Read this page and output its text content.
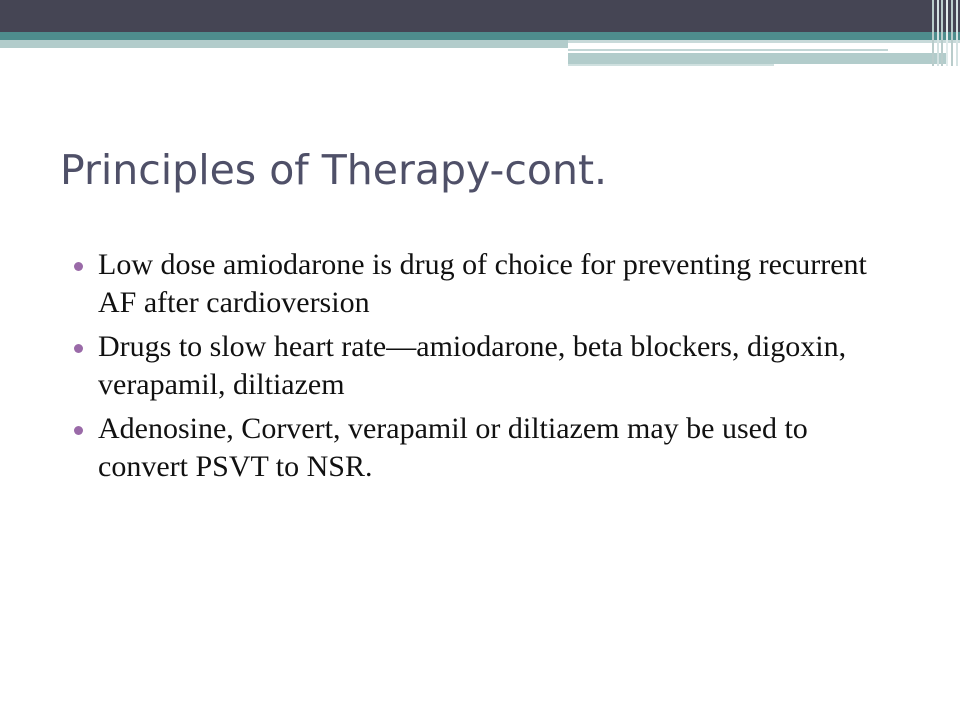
Principles of Therapy-cont.
Low dose amiodarone is drug of choice for preventing recurrent AF after cardioversion
Drugs to slow heart rate—amiodarone, beta blockers, digoxin, verapamil, diltiazem
Adenosine, Corvert, verapamil or diltiazem may be used to convert PSVT to NSR.
